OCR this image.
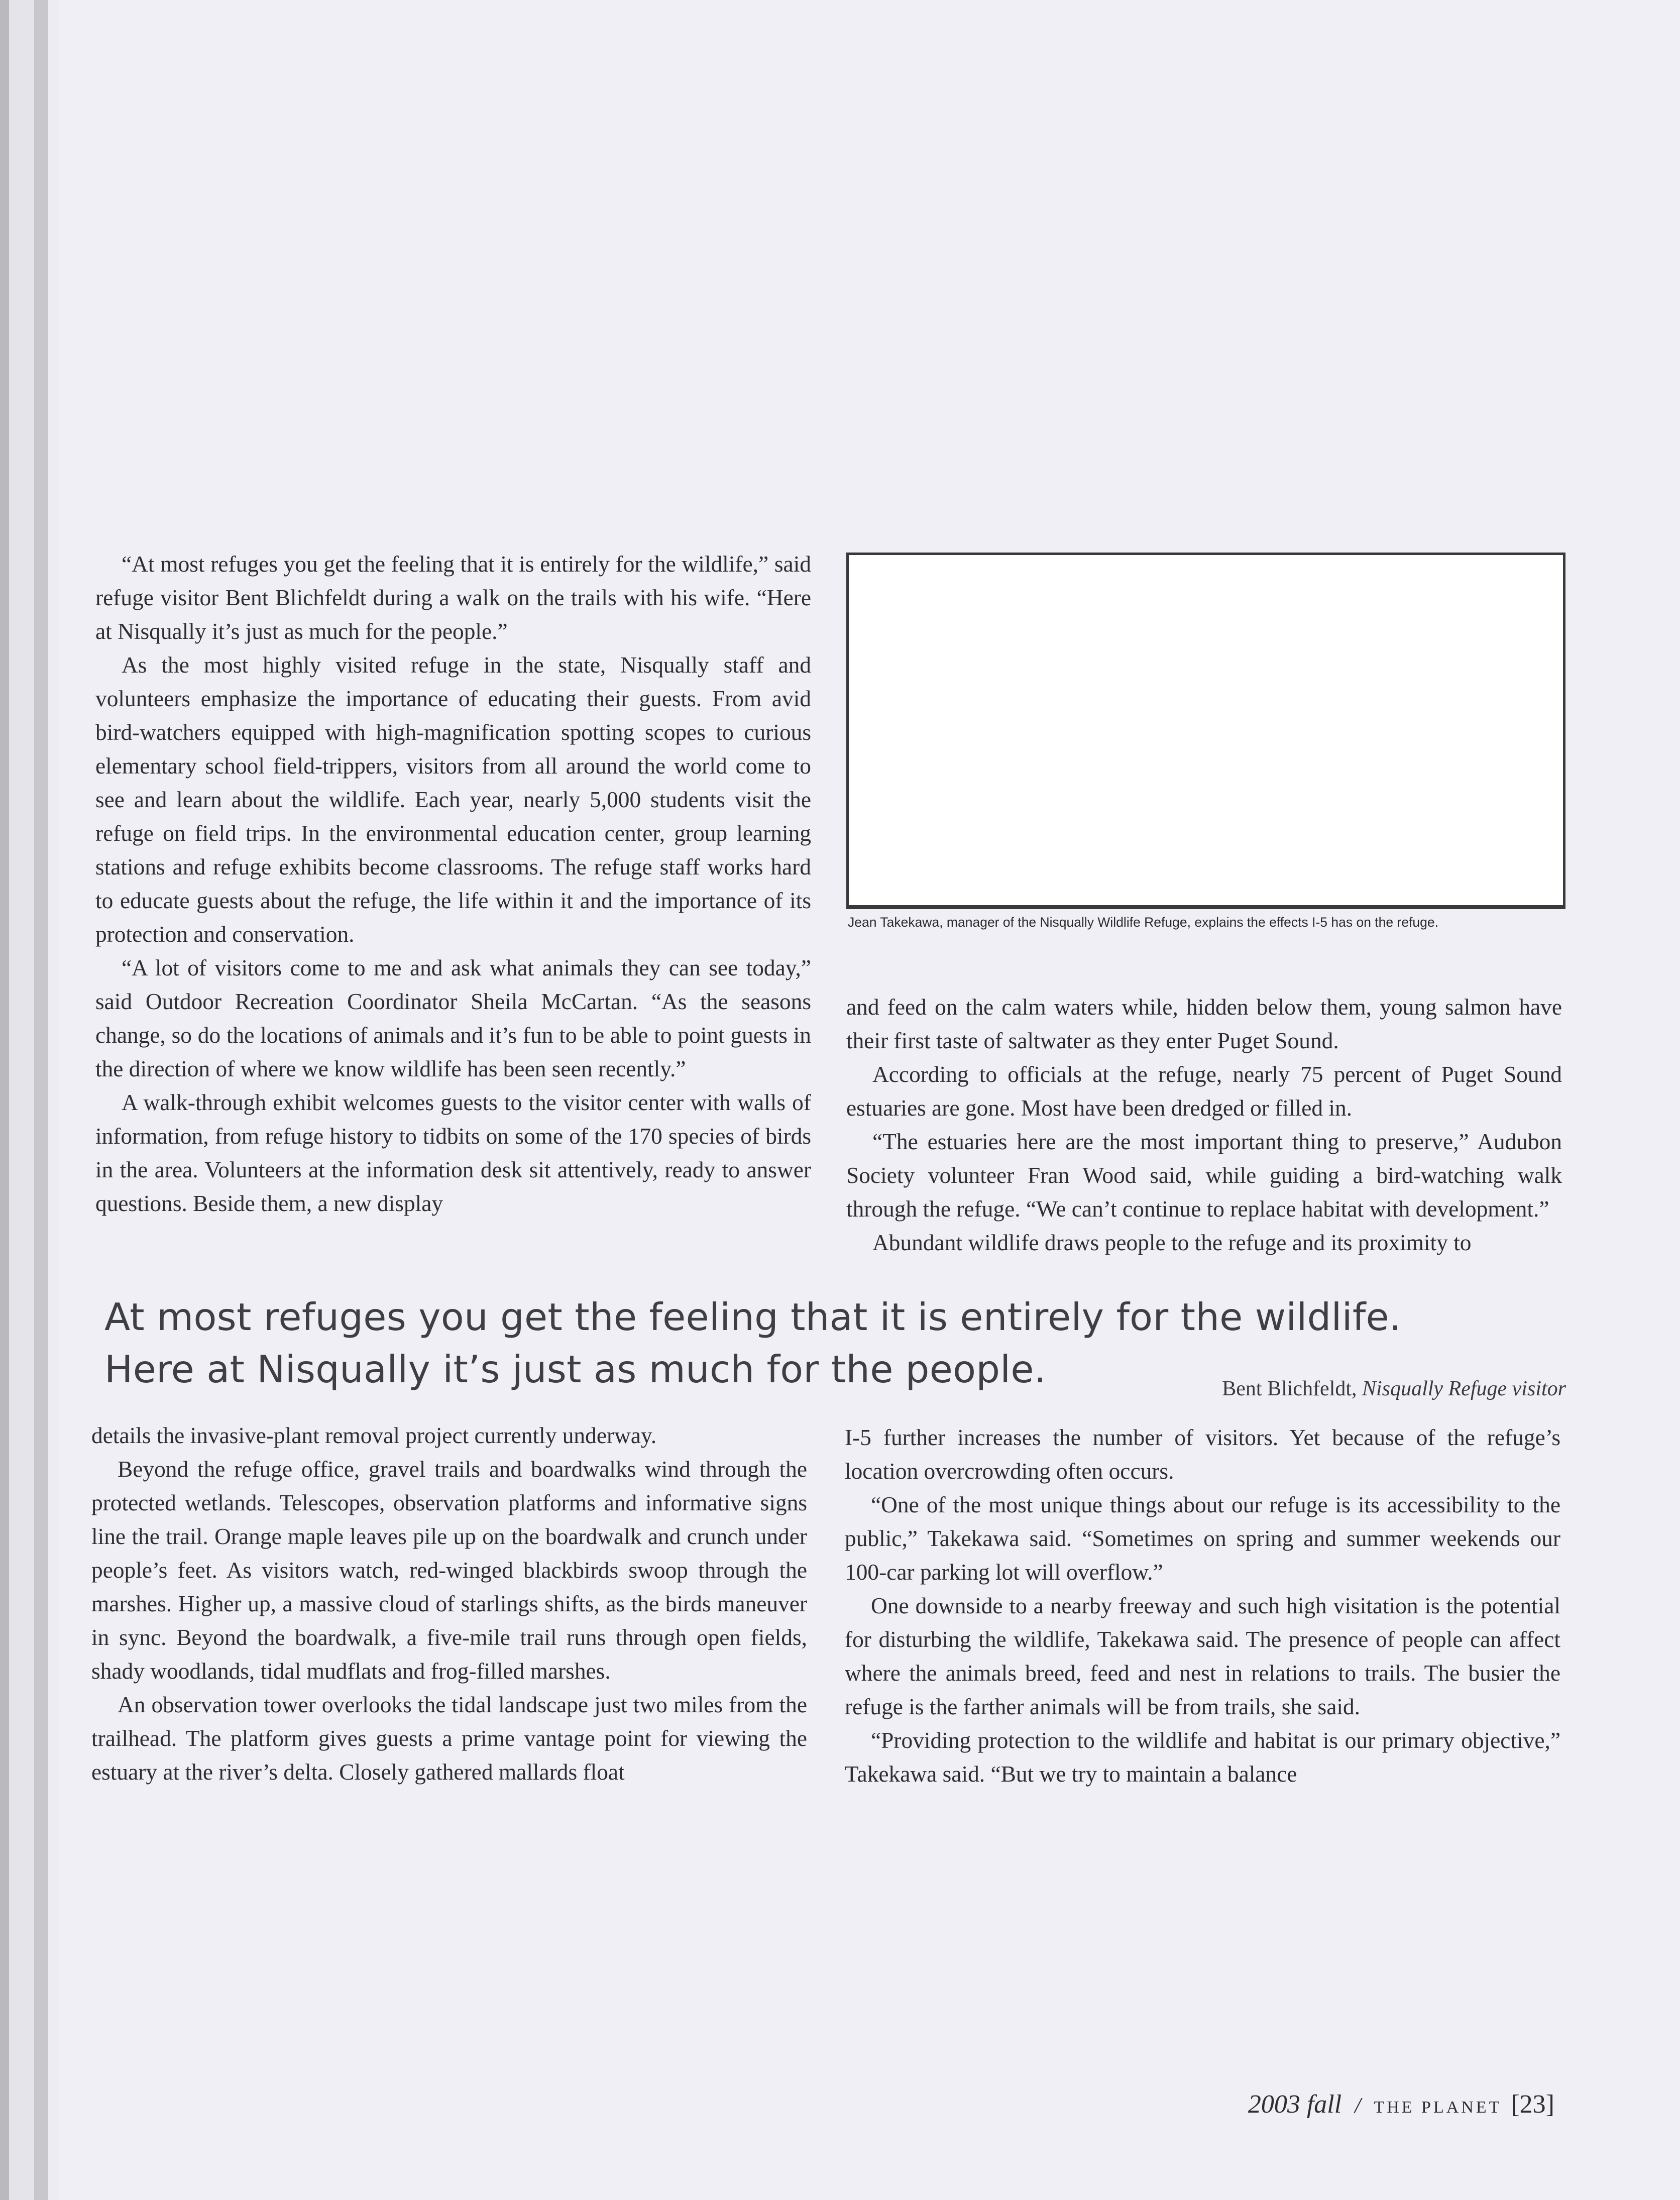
“At most refuges you get the feeling that it is entirely for the wildlife,” said refuge visitor Bent Blichfeldt during a walk on the trails with his wife. “Here at Nisqually it’s just as much for the people.”

As the most highly visited refuge in the state, Nisqually staff and volunteers emphasize the importance of educating their guests. From avid bird-watchers equipped with high-magnification spotting scopes to curious elementary school field-trippers, visitors from all around the world come to see and learn about the wildlife. Each year, nearly 5,000 students visit the refuge on field trips. In the environmental education center, group learning stations and refuge exhibits become classrooms. The refuge staff works hard to educate guests about the refuge, the life within it and the importance of its protection and conservation.

“A lot of visitors come to me and ask what animals they can see today,” said Outdoor Recreation Coordinator Sheila McCartan. “As the seasons change, so do the locations of animals and it’s fun to be able to point guests in the direction of where we know wildlife has been seen recently.”

A walk-through exhibit welcomes guests to the visitor center with walls of information, from refuge history to tidbits on some of the 170 species of birds in the area. Volunteers at the information desk sit attentively, ready to answer questions. Beside them, a new display

Jean Takekawa, manager of the Nisqually Wildlife Refuge, explains the effects I-5 has on the refuge.

and feed on the calm waters while, hidden below them, young salmon have their first taste of saltwater as they enter Puget Sound.

According to officials at the refuge, nearly 75 percent of Puget Sound estuaries are gone. Most have been dredged or filled in.

“The estuaries here are the most important thing to preserve,” Audubon Society volunteer Fran Wood said, while guiding a bird-watching walk through the refuge. “We can’t continue to replace habitat with development.”

Abundant wildlife draws people to the refuge and its proximity to

At most refuges you get the feeling that it is entirely for the wildlife.
Here at Nisqually it’s just as much for the people.	Bent Blichfeldt, Nisqually Refuge visitor

details the invasive-plant removal project currently underway.

Beyond the refuge office, gravel trails and boardwalks wind through the protected wetlands. Telescopes, observation platforms and informative signs line the trail. Orange maple leaves pile up on the boardwalk and crunch under people’s feet. As visitors watch, red-winged blackbirds swoop through the marshes. Higher up, a massive cloud of starlings shifts, as the birds maneuver in sync. Beyond the boardwalk, a five-mile trail runs through open fields, shady woodlands, tidal mudflats and frog-filled marshes.

An observation tower overlooks the tidal landscape just two miles from the trailhead. The platform gives guests a prime vantage point for viewing the estuary at the river’s delta. Closely gathered mallards float

I-5 further increases the number of visitors. Yet because of the refuge’s location overcrowding often occurs.

“One of the most unique things about our refuge is its accessibility to the public,” Takekawa said. “Sometimes on spring and summer weekends our 100-car parking lot will overflow.”

One downside to a nearby freeway and such high visitation is the potential for disturbing the wildlife, Takekawa said. The presence of people can affect where the animals breed, feed and nest in relations to trails. The busier the refuge is the farther animals will be from trails, she said.

“Providing protection to the wildlife and habitat is our primary objective,” Takekawa said. “But we try to maintain a balance

2003 fall / THE PLANET [23]
